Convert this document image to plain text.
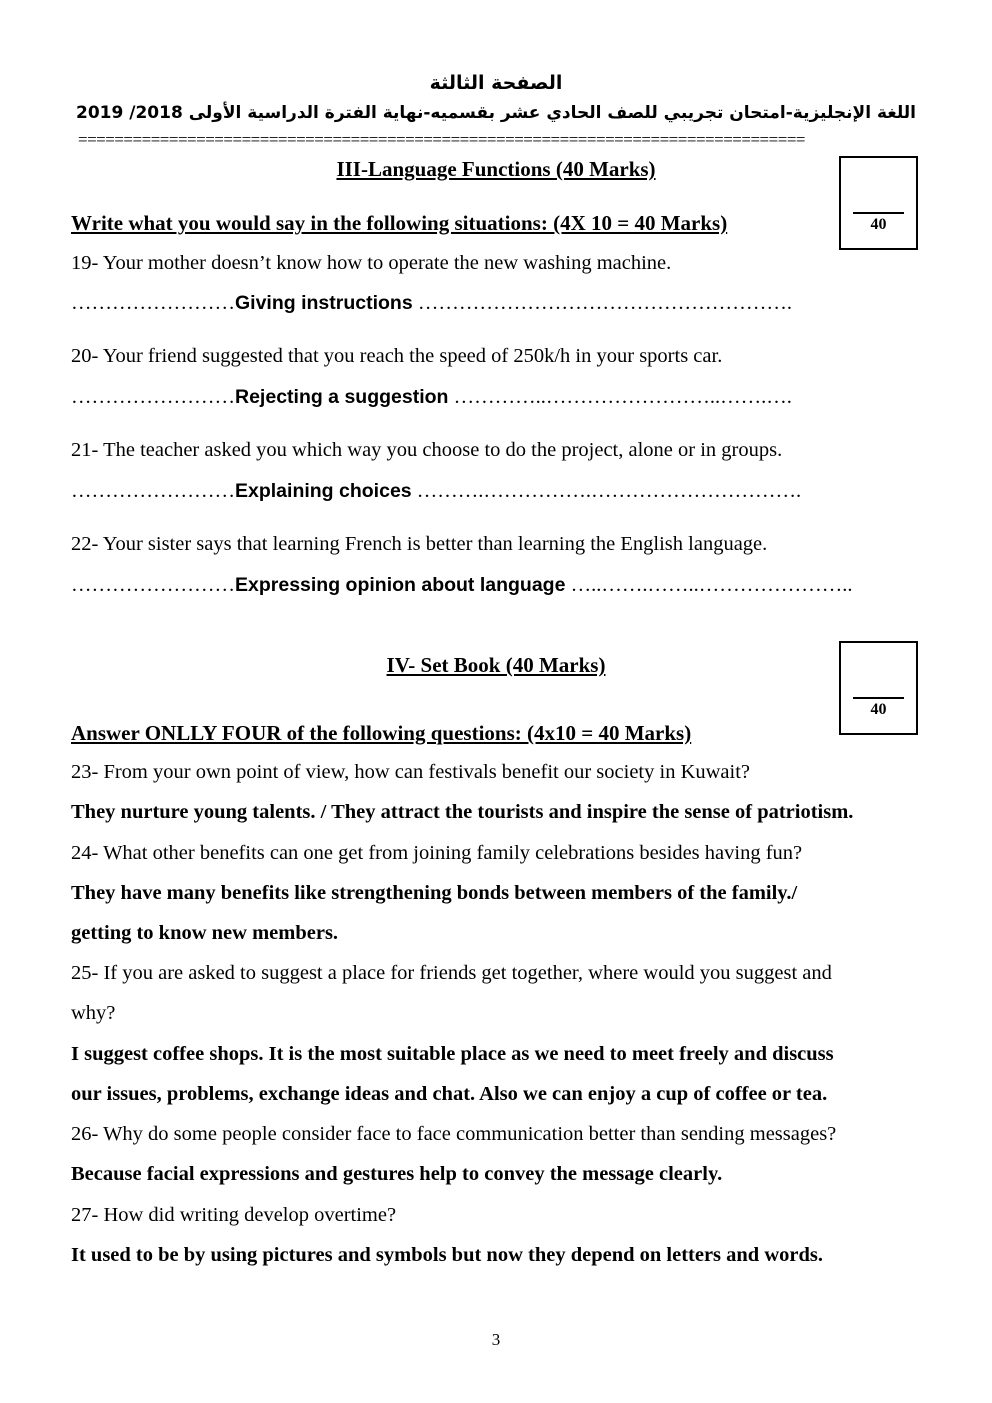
الصفحة الثالثة
اللغة الإنجليزية-امتحان تجريبي للصف الحادي عشر بقسميه-نهاية الفترة الدراسية الأولى 2018/ 2019
================================================================================
III-Language Functions (40 Marks)
40
Write what you would say in the following situations: (4X 10 = 40 Marks)
19- Your mother doesn’t know how to operate the new washing machine.
……………………Giving instructions ……………………………………………….
20- Your friend suggested that you reach the speed of 250k/h in your sports car.
……………………Rejecting a suggestion …………..……………………..…….….
21- The teacher asked you which way you choose to do the project, alone or in groups.
……………………Explaining choices ……….…………….………………………….
22- Your sister says that learning French is better than learning the English language.
……………………Expressing opinion about language …..…….……..…………………..
IV- Set Book (40 Marks)
40
Answer ONLLY FOUR of the following questions: (4x10 = 40 Marks)
23- From your own point of view, how can festivals benefit our society in Kuwait?
They nurture young talents. / They attract the tourists and inspire the sense of patriotism.
24- What other benefits can one get from joining family celebrations besides having fun?
They have many benefits like strengthening bonds between members of the family./
getting to know new members.
25- If you are asked to suggest a place for friends get together, where would you suggest and
why?
I suggest coffee shops. It is the most suitable place as we need to meet freely and discuss
our issues, problems, exchange ideas and chat. Also we can enjoy a cup of coffee or tea.
26- Why do some people consider face to face communication better than sending messages?
Because facial expressions and gestures help to convey the message clearly.
27- How did writing develop overtime?
It used to be by using pictures and symbols but now they depend on letters and words.
3
